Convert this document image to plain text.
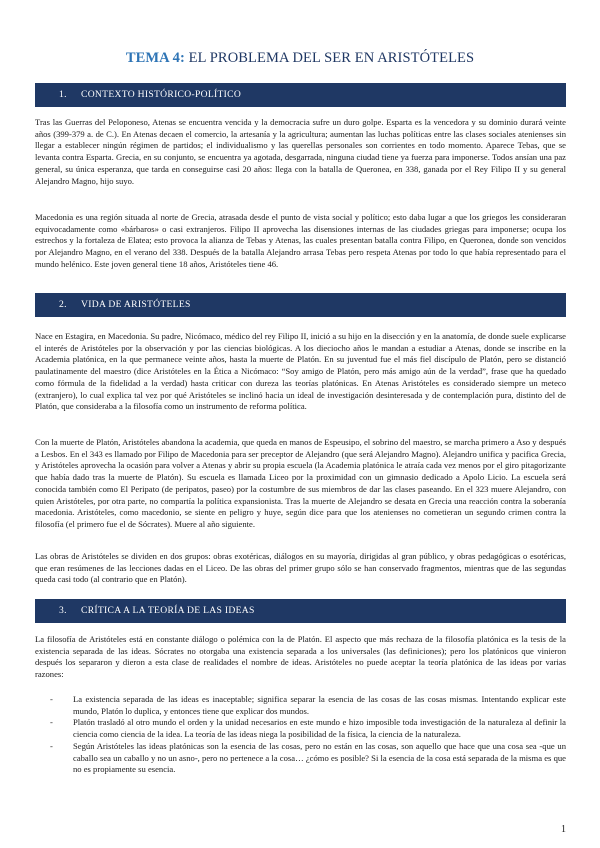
TEMA 4: EL PROBLEMA DEL SER EN ARISTÓTELES
1. CONTEXTO HISTÓRICO-POLÍTICO

Tras las Guerras del Peloponeso, Atenas se encuentra vencida y la democracia sufre un duro golpe. Esparta es la vencedora y su dominio durará veinte años (399-379 a. de C.). En Atenas decaen el comercio, la artesanía y la agricultura; aumentan las luchas políticas entre las clases sociales atenienses sin llegar a establecer ningún régimen de partidos; el individualismo y las querellas personales son corrientes en todo momento. Aparece Tebas, que se levanta contra Esparta. Grecia, en su conjunto, se encuentra ya agotada, desgarrada, ninguna ciudad tiene ya fuerza para imponerse. Todos ansían una paz general, su única esperanza, que tarda en conseguirse casi 20 años: llega con la batalla de Queronea, en 338, ganada por el Rey Filipo II y su general Alejandro Magno, hijo suyo.

Macedonia es una región situada al norte de Grecia, atrasada desde el punto de vista social y político; esto daba lugar a que los griegos les consideraran equivocadamente como «bárbaros» o casi extranjeros. Filipo II aprovecha las disensiones internas de las ciudades griegas para imponerse; ocupa los estrechos y la fortaleza de Elatea; esto provoca la alianza de Tebas y Atenas, las cuales presentan batalla contra Filipo, en Queronea, donde son vencidos por Alejandro Magno, en el verano del 338. Después de la batalla Alejandro arrasa Tebas pero respeta Atenas por todo lo que había representado para el mundo helénico. Este joven general tiene 18 años, Aristóteles tiene 46.

2. VIDA DE ARISTÓTELES

Nace en Estagira, en Macedonia. Su padre, Nicómaco, médico del rey Filipo II, inició a su hijo en la disección y en la anatomía, de donde suele explicarse el interés de Aristóteles por la observación y por las ciencias biológicas. A los dieciocho años le mandan a estudiar a Atenas, donde se inscribe en la Academia platónica, en la que permanece veinte años, hasta la muerte de Platón. En su juventud fue el más fiel discípulo de Platón, pero se distanció paulatinamente del maestro (dice Aristóteles en la Ética a Nicómaco: “Soy amigo de Platón, pero más amigo aún de la verdad”, frase que ha quedado como fórmula de la fidelidad a la verdad) hasta criticar con dureza las teorías platónicas. En Atenas Aristóteles es considerado siempre un meteco (extranjero), lo cual explica tal vez por qué Aristóteles se inclinó hacia un ideal de investigación desinteresada y de contemplación pura, distinto del de Platón, que consideraba a la filosofía como un instrumento de reforma política.

Con la muerte de Platón, Aristóteles abandona la academia, que queda en manos de Espeusipo, el sobrino del maestro, se marcha primero a Aso y después a Lesbos. En el 343 es llamado por Filipo de Macedonia para ser preceptor de Alejandro (que será Alejandro Magno). Alejandro unifica y pacifica Grecia, y Aristóteles aprovecha la ocasión para volver a Atenas y abrir su propia escuela (la Academia platónica le atraía cada vez menos por el giro pitagorizante que había dado tras la muerte de Platón). Su escuela es llamada Liceo por la proximidad con un gimnasio dedicado a Apolo Licio. La escuela será conocida también como El Peripato (de peripatos, paseo) por la costumbre de sus miembros de dar las clases paseando. En el 323 muere Alejandro, con quien Aristóteles, por otra parte, no compartía la política expansionista. Tras la muerte de Alejandro se desata en Grecia una reacción contra la soberanía macedonia. Aristóteles, como macedonio, se siente en peligro y huye, según dice para que los atenienses no cometieran un segundo crimen contra la filosofía (el primero fue el de Sócrates). Muere al año siguiente.

Las obras de Aristóteles se dividen en dos grupos: obras exotéricas, diálogos en su mayoría, dirigidas al gran público, y obras pedagógicas o esotéricas, que eran resúmenes de las lecciones dadas en el Liceo. De las obras del primer grupo sólo se han conservado fragmentos, mientras que de las segundas queda casi todo (al contrario que en Platón).

3. CRÍTICA A LA TEORÍA DE LAS IDEAS

La filosofía de Aristóteles está en constante diálogo o polémica con la de Platón. El aspecto que más rechaza de la filosofía platónica es la tesis de la existencia separada de las ideas. Sócrates no otorgaba una existencia separada a los universales (las definiciones); pero los platónicos que vinieron después los separaron y dieron a esta clase de realidades el nombre de ideas. Aristóteles no puede aceptar la teoría platónica de las ideas por varias razones:

- La existencia separada de las ideas es inaceptable; significa separar la esencia de las cosas de las cosas mismas. Intentando explicar este mundo, Platón lo duplica, y entonces tiene que explicar dos mundos.
- Platón trasladó al otro mundo el orden y la unidad necesarios en este mundo e hizo imposible toda investigación de la naturaleza al definir la ciencia como ciencia de la idea. La teoría de las ideas niega la posibilidad de la física, la ciencia de la naturaleza.
- Según Aristóteles las ideas platónicas son la esencia de las cosas, pero no están en las cosas, son aquello que hace que una cosa sea -que un caballo sea un caballo y no un asno-, pero no pertenece a la cosa… ¿cómo es posible? Si la esencia de la cosa está separada de la misma es que no es propiamente su esencia.
1
